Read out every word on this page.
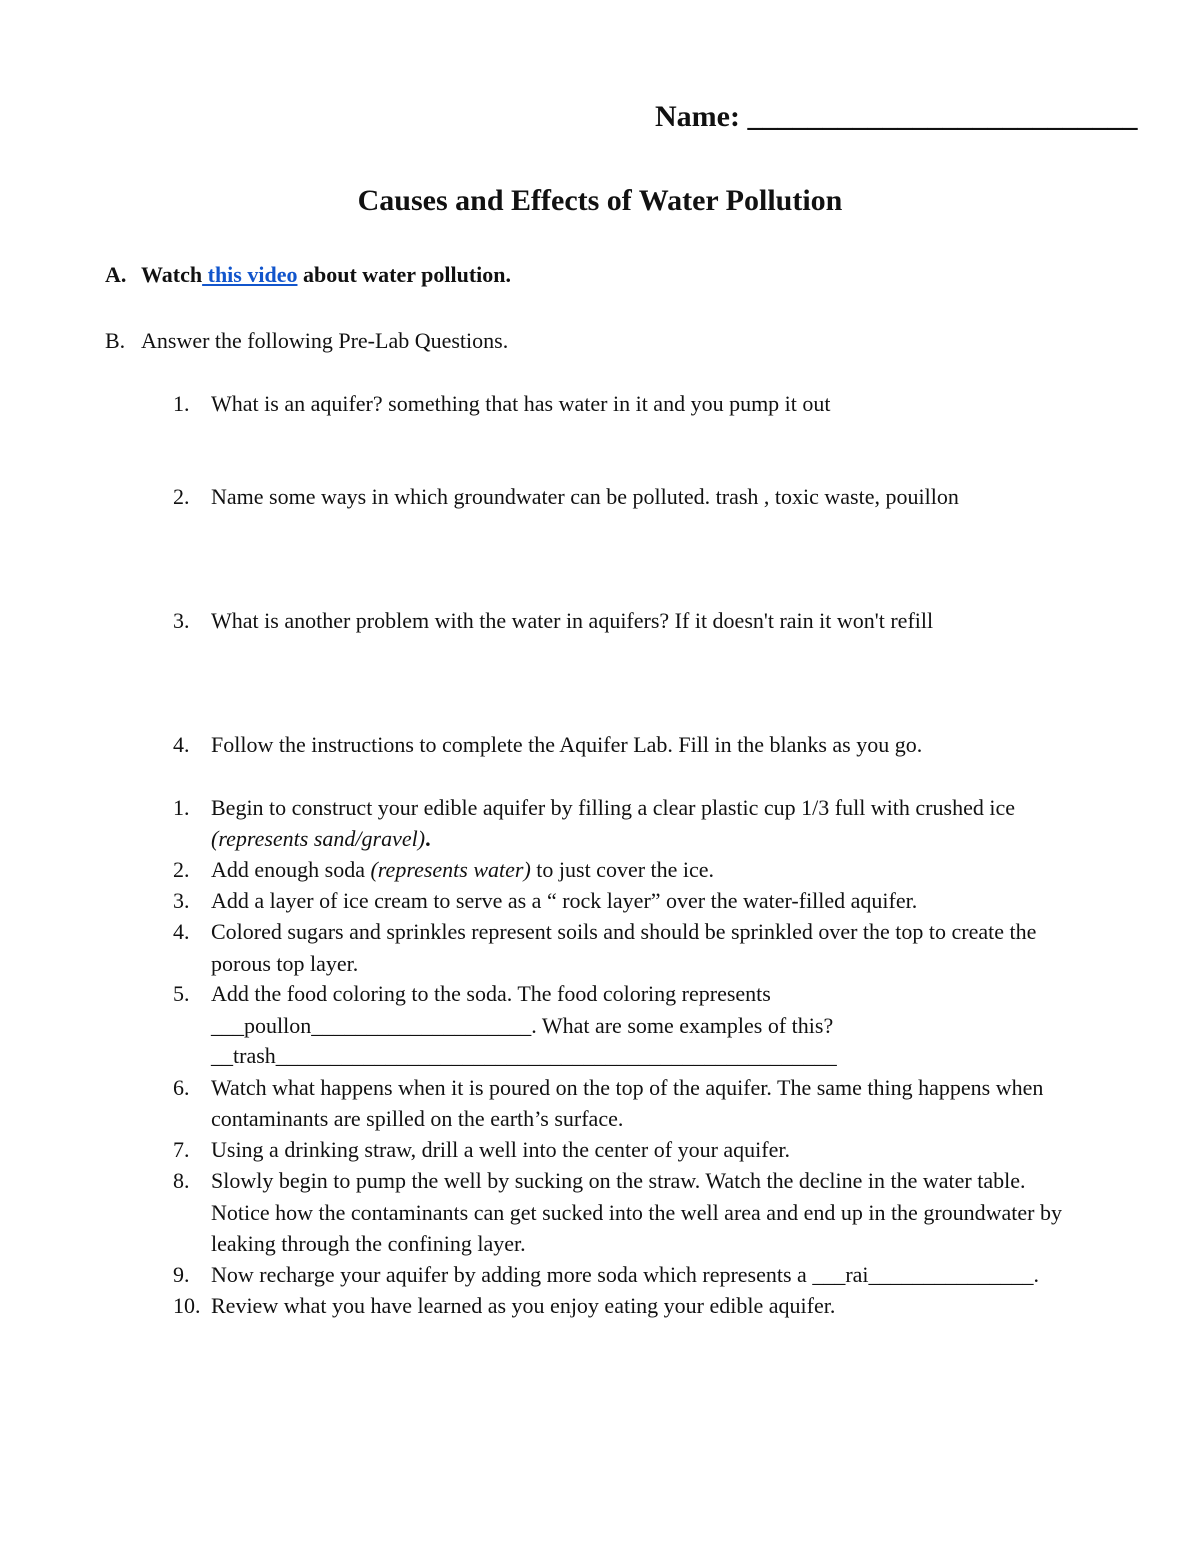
Name: __________________________
Causes and Effects of Water Pollution
A. Watch this video about water pollution.
B. Answer the following Pre-Lab Questions.
1. What is an aquifer? something that has water in it and you pump it out
2. Name some ways in which groundwater can be polluted. trash , toxic waste, pouillon
3. What is another problem with the water in aquifers? If it doesn't rain it won't refill
4. Follow the instructions to complete the Aquifer Lab. Fill in the blanks as you go.
1. Begin to construct your edible aquifer by filling a clear plastic cup 1/3 full with crushed ice
(represents sand/gravel).
2. Add enough soda (represents water) to just cover the ice.
3. Add a layer of ice cream to serve as a “ rock layer” over the water-filled aquifer.
4. Colored sugars and sprinkles represent soils and should be sprinkled over the top to create the
porous top layer.
5. Add the food coloring to the soda. The food coloring represents
___poullon____________________. What are some examples of this?
__trash___________________________________________________
6. Watch what happens when it is poured on the top of the aquifer. The same thing happens when
contaminants are spilled on the earth’s surface.
7. Using a drinking straw, drill a well into the center of your aquifer.
8. Slowly begin to pump the well by sucking on the straw. Watch the decline in the water table.
Notice how the contaminants can get sucked into the well area and end up in the groundwater by
leaking through the confining layer.
9. Now recharge your aquifer by adding more soda which represents a ___rai_______________.
10. Review what you have learned as you enjoy eating your edible aquifer.
